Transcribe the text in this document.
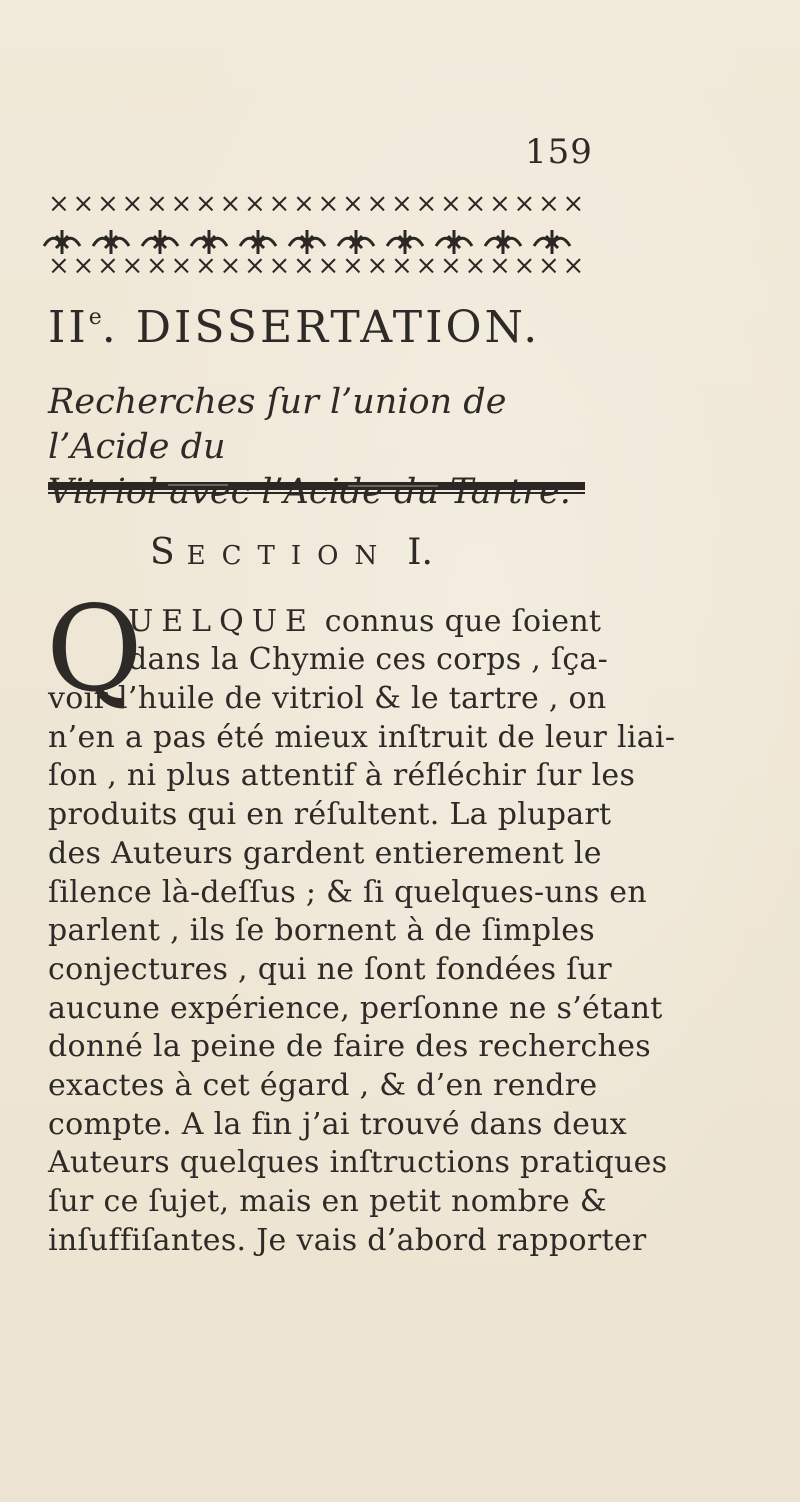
159
× × × × × × × × × × × × × × × × × × × × × ×
× × × × × × × × × × × × × × × × × × × × × ×
$II^e$. DISSERTATION.
Recherches ſur l’union de l’Acide du
SECTION I.
Q
UELQUE connus que ſoient
dans la Chymie ces corps , ſça-
voir l’huile de vitriol & le tartre , on
n’en a pas été mieux inſtruit de leur liai-
ſon , ni plus attentif à réfléchir ſur les
produits qui en réſultent. La plupart
des Auteurs gardent entierement le
ſilence là-deſſus ; & ſi quelques-uns en
parlent , ils ſe bornent à de ſimples
conjectures , qui ne ſont fondées ſur
aucune expérience, perſonne ne s’étant
donné la peine de faire des recherches
exactes à cet égard , & d’en rendre
compte. A la fin j’ai trouvé dans deux
Auteurs quelques inſtructions pratiques
ſur ce ſujet, mais en petit nombre &
inſuffiſantes. Je vais d’abord rapporter
